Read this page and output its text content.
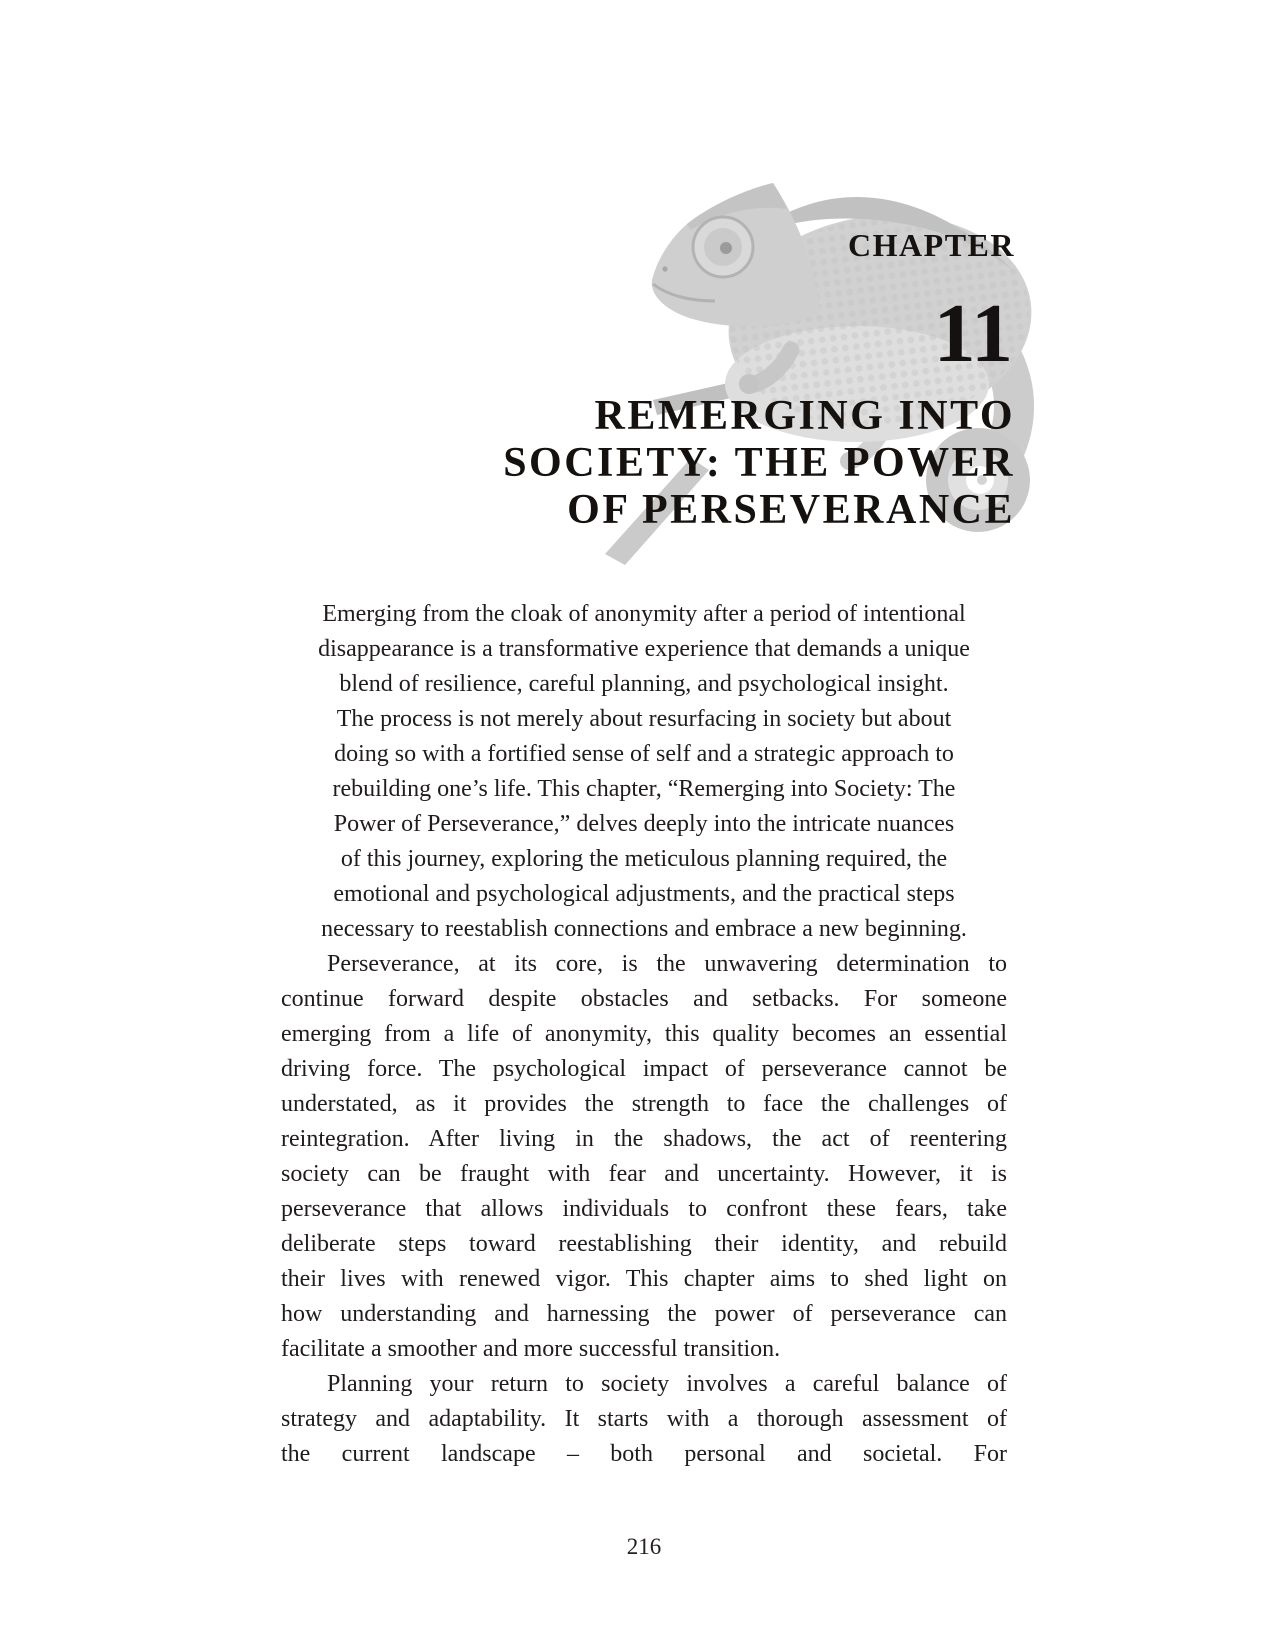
CHAPTER
11
REMERGING INTO
SOCIETY: THE POWER
OF PERSEVERANCE
Emerging from the cloak of anonymity after a period of intentional
disappearance is a transformative experience that demands a unique
blend of resilience, careful planning, and psychological insight.
The process is not merely about resurfacing in society but about
doing so with a fortified sense of self and a strategic approach to
rebuilding one’s life. This chapter, “Remerging into Society: The
Power of Perseverance,” delves deeply into the intricate nuances
of this journey, exploring the meticulous planning required, the
emotional and psychological adjustments, and the practical steps
necessary to reestablish connections and embrace a new beginning.
Perseverance, at its core, is the unwavering determination to
continue forward despite obstacles and setbacks. For someone
emerging from a life of anonymity, this quality becomes an essential
driving force. The psychological impact of perseverance cannot be
understated, as it provides the strength to face the challenges of
reintegration. After living in the shadows, the act of reentering
society can be fraught with fear and uncertainty. However, it is
perseverance that allows individuals to confront these fears, take
deliberate steps toward reestablishing their identity, and rebuild
their lives with renewed vigor. This chapter aims to shed light on
how understanding and harnessing the power of perseverance can
facilitate a smoother and more successful transition.
Planning your return to society involves a careful balance of
strategy and adaptability. It starts with a thorough assessment of
the current landscape – both personal and societal. For
216
